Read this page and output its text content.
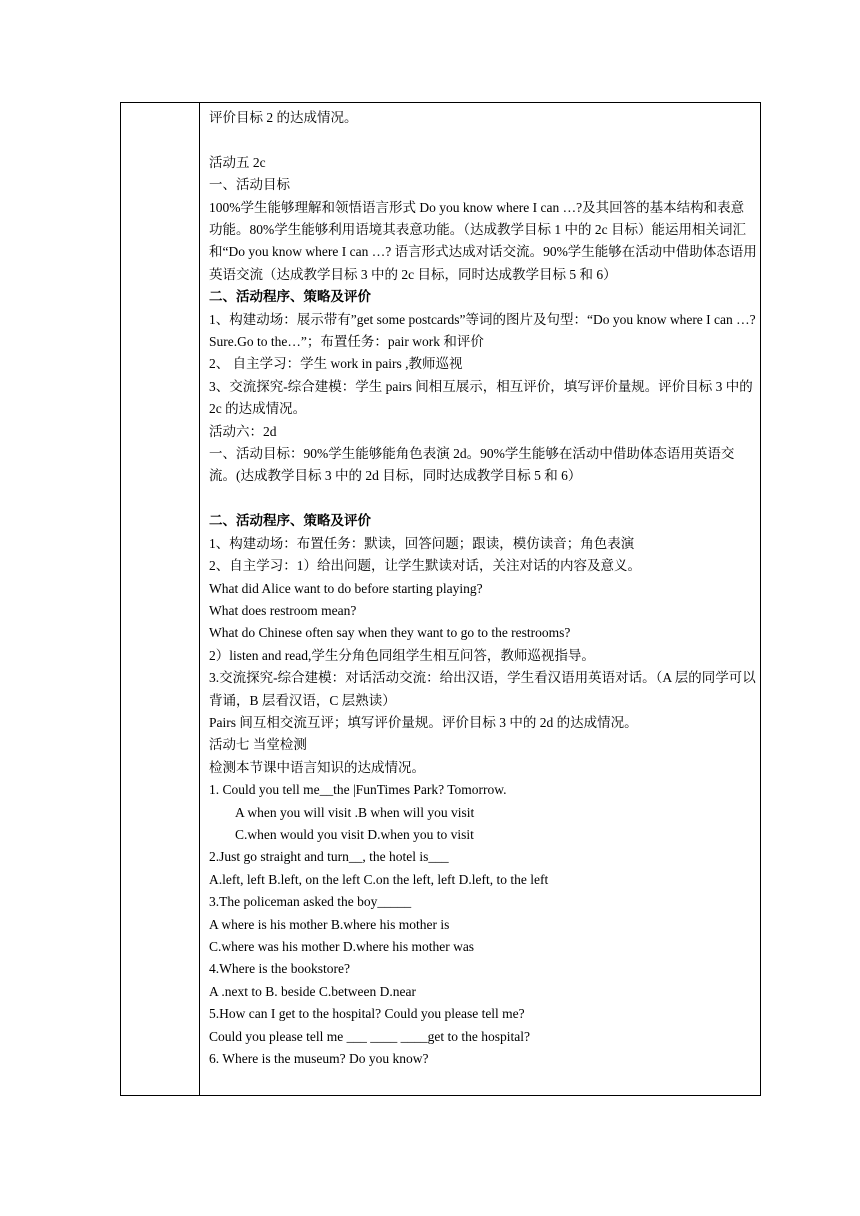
评价目标 2 的达成情况。
活动五 2c
一、活动目标
100%学生能够理解和领悟语言形式 Do you know where I can …?及其回答的基本结构和表意功能。80%学生能够利用语境其表意功能。（达成教学目标 1 中的 2c 目标）能运用相关词汇和“Do you know where I can …? 语言形式达成对话交流。90%学生能够在活动中借助体态语用英语交流（达成教学目标 3 中的 2c 目标，同时达成教学目标 5 和 6）
二、活动程序、策略及评价
1、构建动场：展示带有”get some postcards”等词的图片及句型：“Do you know where I can …? Sure.Go to the…”；布置任务：pair work 和评价
2、 自主学习：学生 work in pairs ,教师巡视
3、交流探究-综合建模：学生 pairs 间相互展示，相互评价，填写评价量规。评价目标 3 中的 2c 的达成情况。
活动六：2d
一、活动目标：90%学生能够能角色表演 2d。90%学生能够在活动中借助体态语用英语交流。(达成教学目标 3 中的 2d 目标，同时达成教学目标 5 和 6）
二、活动程序、策略及评价
1、构建动场：布置任务：默读，回答问题；跟读，模仿读音；角色表演
2、自主学习：1）给出问题，让学生默读对话，关注对话的内容及意义。
What did Alice want to do before starting playing?
What does restroom mean?
What do Chinese often say when they want to go to the restrooms?
2）listen and read,学生分角色同组学生相互问答，教师巡视指导。
3.交流探究-综合建模：对话活动交流：给出汉语，学生看汉语用英语对话。（A 层的同学可以背诵，B 层看汉语，C 层熟读）
Pairs 间互相交流互评；填写评价量规。评价目标 3 中的 2d 的达成情况。
活动七 当堂检测
检测本节课中语言知识的达成情况。
1. Could you tell me__the |FunTimes Park? Tomorrow.
A when you will visit .B when will you visit
C.when would you visit D.when you to visit
2.Just go straight and turn__, the hotel is___
A.left, left B.left, on the left C.on the left, left D.left, to the left
3.The policeman asked the boy_____
A where is his mother B.where his mother is
C.where was his mother D.where his mother was
4.Where is the bookstore?
A .next to B. beside C.between D.near
5.How can I get to the hospital? Could you please tell me?
Could you please tell me ___ ____ ____get to the hospital?
6. Where is the museum? Do you know?
